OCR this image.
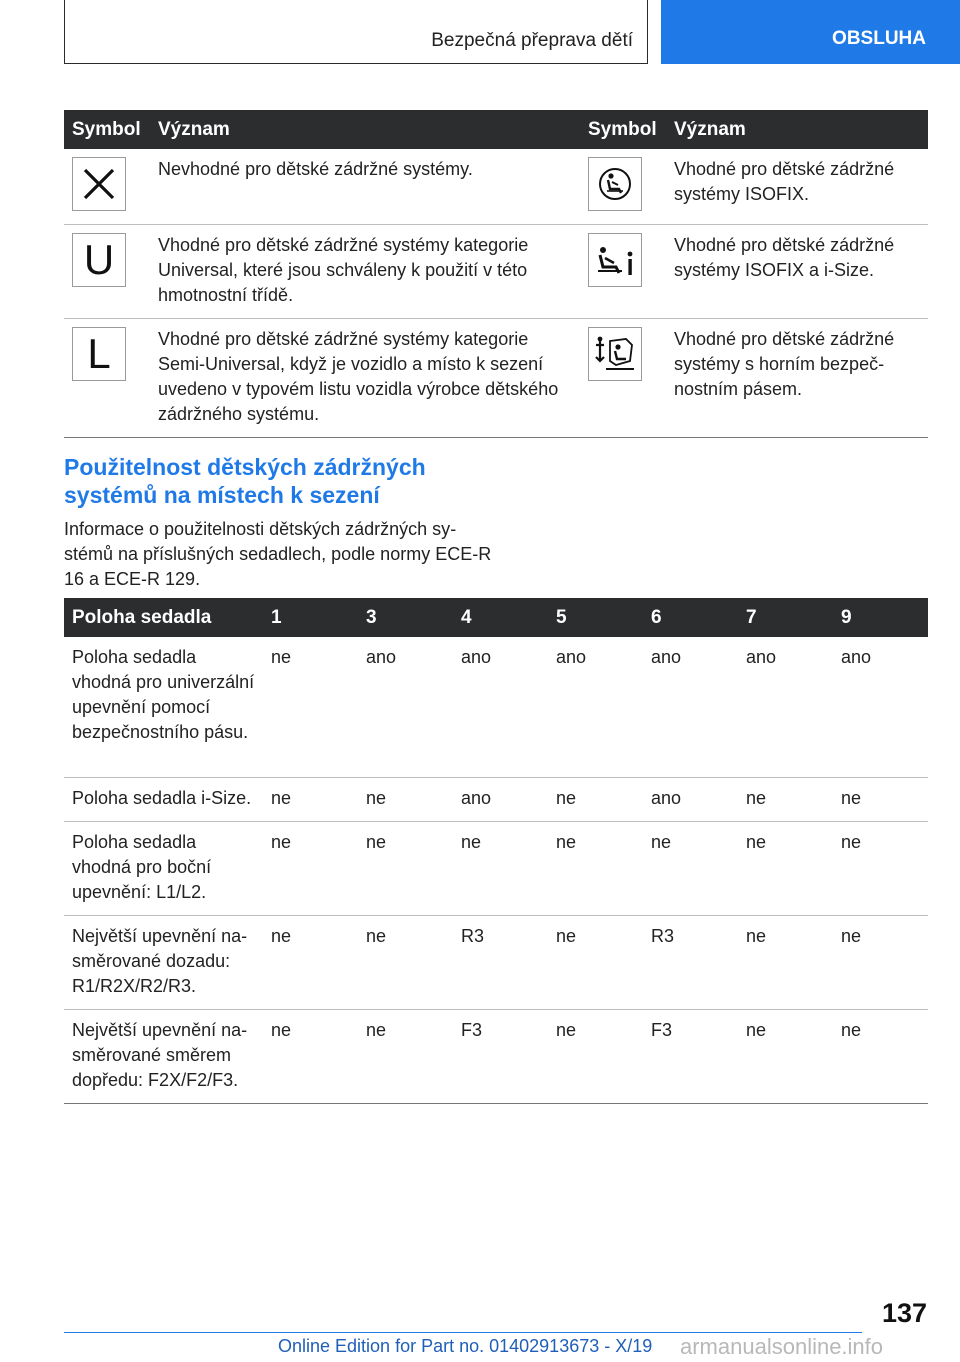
Bezpečná přeprava dětí	OBSLUHA
Symbol	Význam	Symbol	Význam

	Nevhodné pro dětské zádržné systémy.		Vhodné pro dětské zádržné systémy ISOFIX.

U	Vhodné pro dětské zádržné systémy kategorie Universal, které jsou schváleny k použití v této hmotnostní třídě.		Vhodné pro dětské zádržné systémy ISOFIX a i-Size.

L	Vhodné pro dětské zádržné systémy kategorie Semi-Universal, když je vozidlo a místo k sezení uvedeno v typovém listu vozidla výrobce dětského zádržného systému.		Vhodné pro dětské zádržné systémy s horním bezpečnostním pásem.
Použitelnost dětských zádržných systémů na místech k sezení

Informace o použitelnosti dětských zádržných systémů na příslušných sedadlech, podle normy ECE-R 16 a ECE-R 129.

Poloha sedadla	1	3	4	5	6	7	9
Poloha sedadla vhodná pro univerzální upevnění pomocí bezpečnostního pásu.	ne	ano	ano	ano	ano	ano	ano
Poloha sedadla i-Size.	ne	ne	ano	ne	ano	ne	ne
Poloha sedadla vhodná pro boční upevnění: L1/L2.	ne	ne	ne	ne	ne	ne	ne
Největší upevnění nasměrované dozadu: R1/R2X/R2/R3.	ne	ne	R3	ne	R3	ne	ne
Největší upevnění nasměrované směrem dopředu: F2X/F2/F3.	ne	ne	F3	ne	F3	ne	ne
137
Online Edition for Part no. 01402913673 - X/19 armanualsonline.info
